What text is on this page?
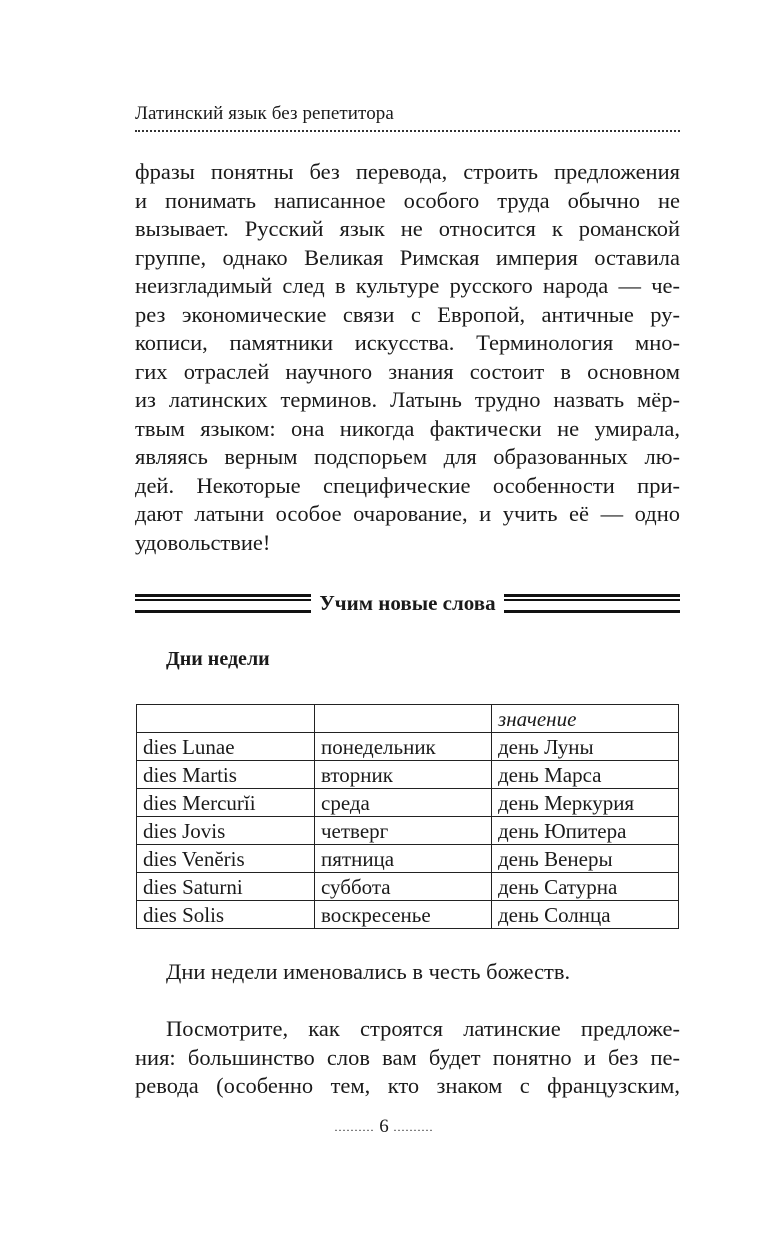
Латинский язык без репетитора
фразы понятны без перевода, строить предложения
и понимать написанное особого труда обычно не
вызывает. Русский язык не относится к романской
группе, однако Великая Римская империя оставила
неизгладимый след в культуре русского народа — че-
рез экономические связи с Европой, античные ру-
кописи, памятники искусства. Терминология мно-
гих отраслей научного знания состоит в основном
из латинских терминов. Латынь трудно назвать мёр-
твым языком: она никогда фактически не умирала,
являясь верным подспорьем для образованных лю-
дей. Некоторые специфические особенности при-
дают латыни особое очарование, и учить её — одно
удовольствие!
Учим новые слова
Дни недели
		значение
dies Lunae	понедельник	день Луны
dies Martis	вторник	день Марса
dies Mercurĭi	среда	день Меркурия
dies Jovis	четверг	день Юпитера
dies Venĕris	пятница	день Венеры
dies Saturni	суббота	день Сатурна
dies Solis	воскресенье	день Солнца

Дни недели именовались в честь божеств.

Посмотрите, как строятся латинские предложе-
ния: большинство слов вам будет понятно и без пе-
ревода (особенно тем, кто знаком с французским,
.......... 6 ..........
